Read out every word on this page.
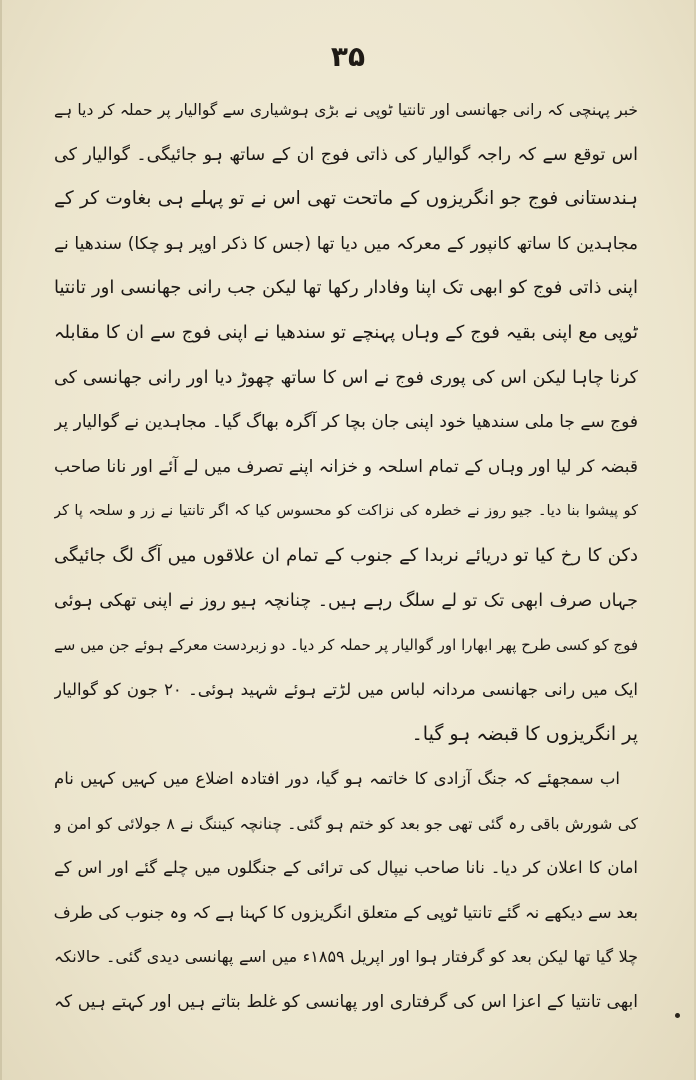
۳۵
خبر پہنچی کہ رانی جھانسی اور تانتیا ٹوپی نے بڑی ہوشیاری سے گوالیار پر حملہ کر دیا ہے
اس توقع سے کہ راجہ گوالیار کی ذاتی فوج ان کے ساتھ ہو جائیگی۔ گوالیار کی
ہندستانی فوج جو انگریزوں کے ماتحت تھی اس نے تو پہلے ہی بغاوت کر کے
مجاہدین کا ساتھ کانپور کے معرکہ میں دیا تھا (جس کا ذکر اوپر ہو چکا) سندھیا نے
اپنی ذاتی فوج کو ابھی تک اپنا وفادار رکھا تھا لیکن جب رانی جھانسی اور تانتیا
ٹوپی مع اپنی بقیہ فوج کے وہاں پہنچے تو سندھیا نے اپنی فوج سے ان کا مقابلہ
کرنا چاہا لیکن اس کی پوری فوج نے اس کا ساتھ چھوڑ دیا اور رانی جھانسی کی
فوج سے جا ملی سندھیا خود اپنی جان بچا کر آگرہ بھاگ گیا۔ مجاہدین نے گوالیار پر
قبضہ کر لیا اور وہاں کے تمام اسلحہ و خزانہ اپنے تصرف میں لے آئے اور نانا صاحب
کو پیشوا بنا دیا۔ جیو روز نے خطرہ کی نزاکت کو محسوس کیا کہ اگر تانتیا نے زر و سلحہ پا کر
دکن کا رخ کیا تو دریائے نربدا کے جنوب کے تمام ان علاقوں میں آگ لگ جائیگی
جہاں صرف ابھی تک تو لے سلگ رہے ہیں۔ چنانچہ ہیو روز نے اپنی تھکی ہوئی
فوج کو کسی طرح پھر ابھارا اور گوالیار پر حملہ کر دیا۔ دو زبردست معرکے ہوئے جن میں سے
ایک میں رانی جھانسی مردانہ لباس میں لڑتے ہوئے شہید ہوئی۔ ۲۰ جون کو گوالیار
پر انگریزوں کا قبضہ ہو گیا۔
اب سمجھئے کہ جنگ آزادی کا خاتمہ ہو گیا، دور افتادہ اضلاع میں کہیں کہیں نام
کی شورش باقی رہ گئی تھی جو بعد کو ختم ہو گئی۔ چنانچہ کیننگ نے ۸ جولائی کو امن و
امان کا اعلان کر دیا۔ نانا صاحب نیپال کی ترائی کے جنگلوں میں چلے گئے اور اس کے
بعد سے دیکھے نہ گئے تانتیا ٹوپی کے متعلق انگریزوں کا کہنا ہے کہ وہ جنوب کی طرف
چلا گیا تھا لیکن بعد کو گرفتار ہوا اور اپریل ۱۸۵۹ء میں اسے پھانسی دیدی گئی۔ حالانکہ
ابھی تانتیا کے اعزا اس کی گرفتاری اور پھانسی کو غلط بتاتے ہیں اور کہتے ہیں کہ
